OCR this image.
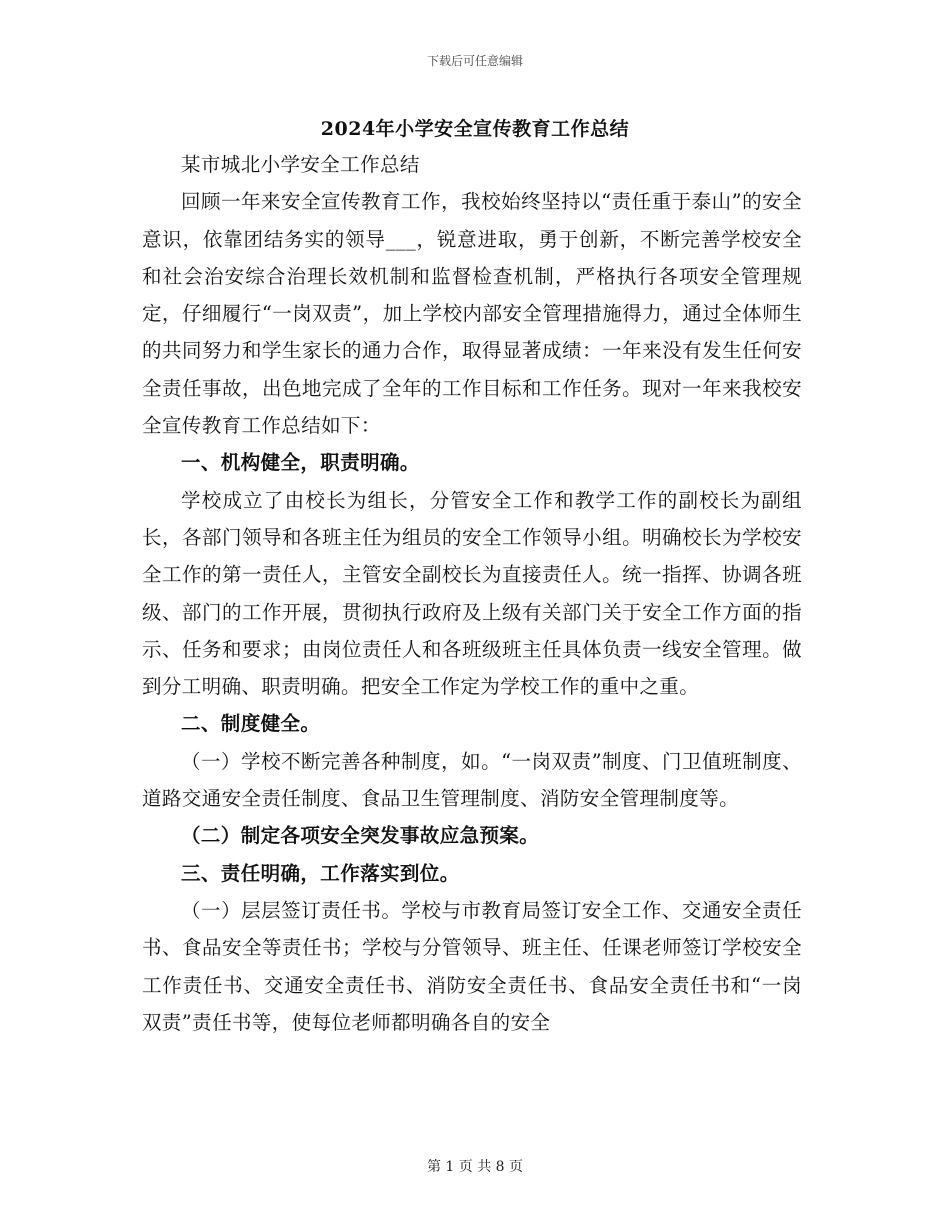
下载后可任意编辑
2024年小学安全宣传教育工作总结

某市城北小学安全工作总结

回顾一年来安全宣传教育工作，我校始终坚持以“责任重于泰山”的安全意识，依靠团结务实的领导___，锐意进取，勇于创新，不断完善学校安全和社会治安综合治理长效机制和监督检查机制，严格执行各项安全管理规定，仔细履行“一岗双责”，加上学校内部安全管理措施得力，通过全体师生的共同努力和学生家长的通力合作，取得显著成绩：一年来没有发生任何安全责任事故，出色地完成了全年的工作目标和工作任务。现对一年来我校安全宣传教育工作总结如下：

一、机构健全，职责明确。

学校成立了由校长为组长，分管安全工作和教学工作的副校长为副组长，各部门领导和各班主任为组员的安全工作领导小组。明确校长为学校安全工作的第一责任人，主管安全副校长为直接责任人。统一指挥、协调各班级、部门的工作开展，贯彻执行政府及上级有关部门关于安全工作方面的指示、任务和要求；由岗位责任人和各班级班主任具体负责一线安全管理。做到分工明确、职责明确。把安全工作定为学校工作的重中之重。

二、制度健全。

（一）学校不断完善各种制度，如。“一岗双责”制度、门卫值班制度、道路交通安全责任制度、食品卫生管理制度、消防安全管理制度等。

（二）制定各项安全突发事故应急预案。

三、责任明确，工作落实到位。

（一）层层签订责任书。学校与市教育局签订安全工作、交通安全责任书、食品安全等责任书；学校与分管领导、班主任、任课老师签订学校安全工作责任书、交通安全责任书、消防安全责任书、食品安全责任书和“一岗双责”责任书等，使每位老师都明确各自的安全

第 1 页 共 8 页
